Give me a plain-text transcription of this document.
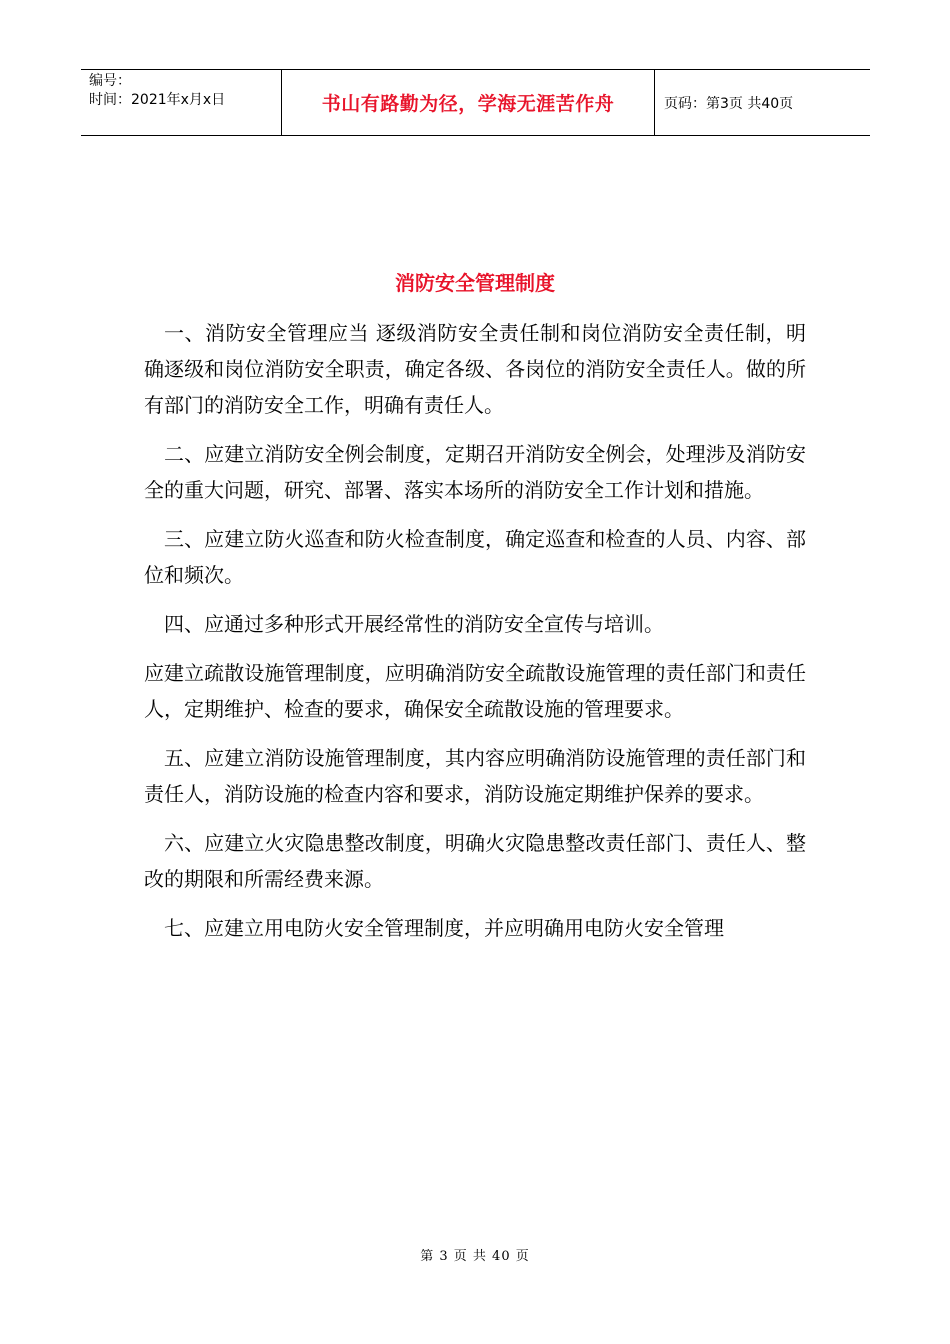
编号：
时间：2021年x月x日	书山有路勤为径，学海无涯苦作舟	页码：第3页 共40页
消防安全管理制度

一、消防安全管理应当 逐级消防安全责任制和岗位消防安全责任制，明确逐级和岗位消防安全职责，确定各级、各岗位的消防安全责任人。做的所有部门的消防安全工作，明确有责任人。

二、应建立消防安全例会制度，定期召开消防安全例会，处理涉及消防安全的重大问题，研究、部署、落实本场所的消防安全工作计划和措施。

三、应建立防火巡查和防火检查制度，确定巡查和检查的人员、内容、部位和频次。

四、应通过多种形式开展经常性的消防安全宣传与培训。

应建立疏散设施管理制度，应明确消防安全疏散设施管理的责任部门和责任人，定期维护、检查的要求，确保安全疏散设施的管理要求。

五、应建立消防设施管理制度，其内容应明确消防设施管理的责任部门和责任人，消防设施的检查内容和要求，消防设施定期维护保养的要求。

六、应建立火灾隐患整改制度，明确火灾隐患整改责任部门、责任人、整改的期限和所需经费来源。

七、应建立用电防火安全管理制度，并应明确用电防火安全管理

第 3 页 共 40 页
